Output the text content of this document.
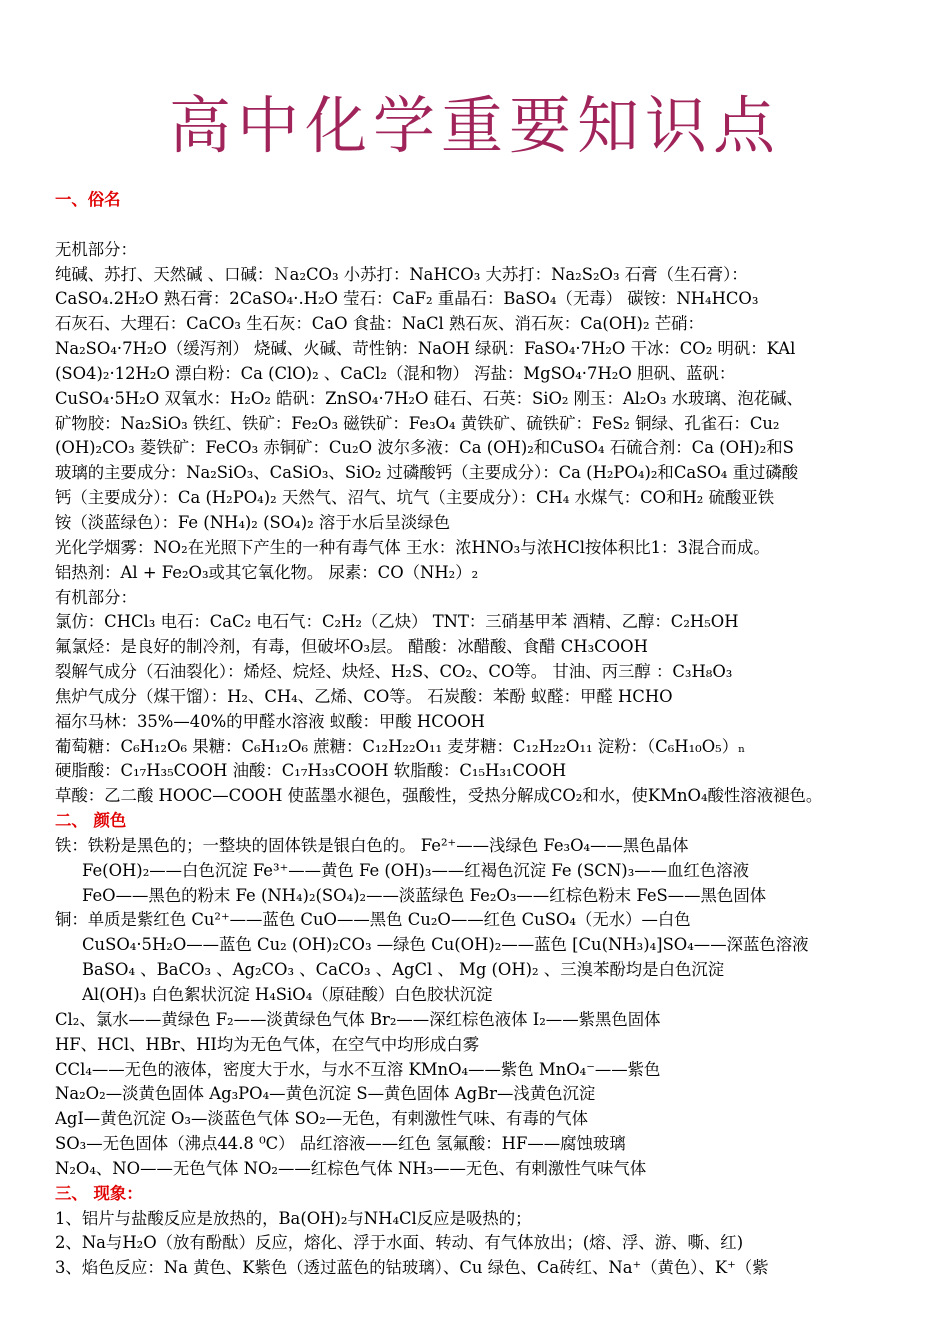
高中化学重要知识点
一、俗名
无机部分：
纯碱、苏打、天然碱 、口碱：Ｎa₂CO₃ 小苏打：NaHCO₃ 大苏打：Na₂S₂O₃ 石膏（生石膏）：
CaSO₄.2H₂O 熟石膏：2CaSO₄·.H₂O 莹石：CaF₂ 重晶石：BaSO₄（无毒） 碳铵：NH₄HCO₃
石灰石、大理石：CaCO₃ 生石灰：CaO 食盐：NaCl 熟石灰、消石灰：Ca(OH)₂ 芒硝：
Na₂SO₄·7H₂O（缓泻剂） 烧碱、火碱、苛性钠：NaOH 绿矾：FaSO₄·7H₂O 干冰：CO₂ 明矾：KAl
(SO4)₂·12H₂O 漂白粉：Ca (ClO)₂ 、CaCl₂（混和物） 泻盐：MgSO₄·7H₂O 胆矾、蓝矾：
CuSO₄·5H₂O 双氧水：H₂O₂ 皓矾：ZnSO₄·7H₂O 硅石、石英：SiO₂ 刚玉：Al₂O₃ 水玻璃、泡花碱、
矿物胶：Na₂SiO₃ 铁红、铁矿：Fe₂O₃ 磁铁矿：Fe₃O₄ 黄铁矿、硫铁矿：FeS₂ 铜绿、孔雀石：Cu₂
(OH)₂CO₃ 菱铁矿：FeCO₃ 赤铜矿：Cu₂O 波尔多液：Ca (OH)₂和CuSO₄ 石硫合剂：Ca (OH)₂和S
玻璃的主要成分：Na₂SiO₃、CaSiO₃、SiO₂ 过磷酸钙（主要成分）：Ca (H₂PO₄)₂和CaSO₄ 重过磷酸
钙（主要成分）：Ca (H₂PO₄)₂ 天然气、沼气、坑气（主要成分）：CH₄ 水煤气：CO和H₂ 硫酸亚铁
铵（淡蓝绿色）：Fe (NH₄)₂ (SO₄)₂ 溶于水后呈淡绿色
光化学烟雾：NO₂在光照下产生的一种有毒气体 王水：浓HNO₃与浓HCl按体积比1：3混合而成。
铝热剂：Al + Fe₂O₃或其它氧化物。 尿素：CO（NH₂）₂
有机部分：
氯仿：CHCl₃ 电石：CaC₂ 电石气：C₂H₂（乙炔） TNT：三硝基甲苯 酒精、乙醇：C₂H₅OH
氟氯烃：是良好的制冷剂，有毒，但破坏O₃层。 醋酸：冰醋酸、食醋 CH₃COOH
裂解气成分（石油裂化）：烯烃、烷烃、炔烃、H₂S、CO₂、CO等。 甘油、丙三醇 ：C₃H₈O₃
焦炉气成分（煤干馏）：H₂、CH₄、乙烯、CO等。 石炭酸：苯酚 蚁醛：甲醛 HCHO
福尔马林：35%—40%的甲醛水溶液 蚁酸：甲酸 HCOOH
葡萄糖：C₆H₁₂O₆ 果糖：C₆H₁₂O₆ 蔗糖：C₁₂H₂₂O₁₁ 麦芽糖：C₁₂H₂₂O₁₁ 淀粉：（C₆H₁₀O₅）ₙ
硬脂酸：C₁₇H₃₅COOH 油酸：C₁₇H₃₃COOH 软脂酸：C₁₅H₃₁COOH
草酸：乙二酸 HOOC—COOH 使蓝墨水褪色，强酸性，受热分解成CO₂和水，使KMnO₄酸性溶液褪色。
二、 颜色
铁：铁粉是黑色的；一整块的固体铁是银白色的。 Fe²⁺——浅绿色 Fe₃O₄——黑色晶体
Fe(OH)₂——白色沉淀 Fe³⁺——黄色 Fe (OH)₃——红褐色沉淀 Fe (SCN)₃——血红色溶液
FeO——黑色的粉末 Fe (NH₄)₂(SO₄)₂——淡蓝绿色 Fe₂O₃——红棕色粉末 FeS——黑色固体
铜：单质是紫红色 Cu²⁺——蓝色 CuO——黑色 Cu₂O——红色 CuSO₄（无水）—白色
CuSO₄·5H₂O——蓝色 Cu₂ (OH)₂CO₃ —绿色 Cu(OH)₂——蓝色 [Cu(NH₃)₄]SO₄——深蓝色溶液
BaSO₄ 、BaCO₃ 、Ag₂CO₃ 、CaCO₃ 、AgCl 、 Mg (OH)₂ 、三溴苯酚均是白色沉淀
Al(OH)₃ 白色絮状沉淀 H₄SiO₄（原硅酸）白色胶状沉淀
Cl₂、氯水——黄绿色 F₂——淡黄绿色气体 Br₂——深红棕色液体 I₂——紫黑色固体
HF、HCl、HBr、HI均为无色气体，在空气中均形成白雾
CCl₄——无色的液体，密度大于水，与水不互溶 KMnO₄——紫色 MnO₄⁻——紫色
Na₂O₂—淡黄色固体 Ag₃PO₄—黄色沉淀 S—黄色固体 AgBr—浅黄色沉淀
AgI—黄色沉淀 O₃—淡蓝色气体 SO₂—无色，有剌激性气味、有毒的气体
SO₃—无色固体（沸点44.8 ⁰C） 品红溶液——红色 氢氟酸：HF——腐蚀玻璃
N₂O₄、NO——无色气体 NO₂——红棕色气体 NH₃——无色、有剌激性气味气体
三、 现象：
1、铝片与盐酸反应是放热的，Ba(OH)₂与NH₄Cl反应是吸热的；
2、Na与H₂O（放有酚酞）反应，熔化、浮于水面、转动、有气体放出；(熔、浮、游、嘶、红)
3、焰色反应：Na 黄色、K紫色（透过蓝色的钴玻璃）、Cu 绿色、Ca砖红、Na⁺（黄色）、K⁺（紫
